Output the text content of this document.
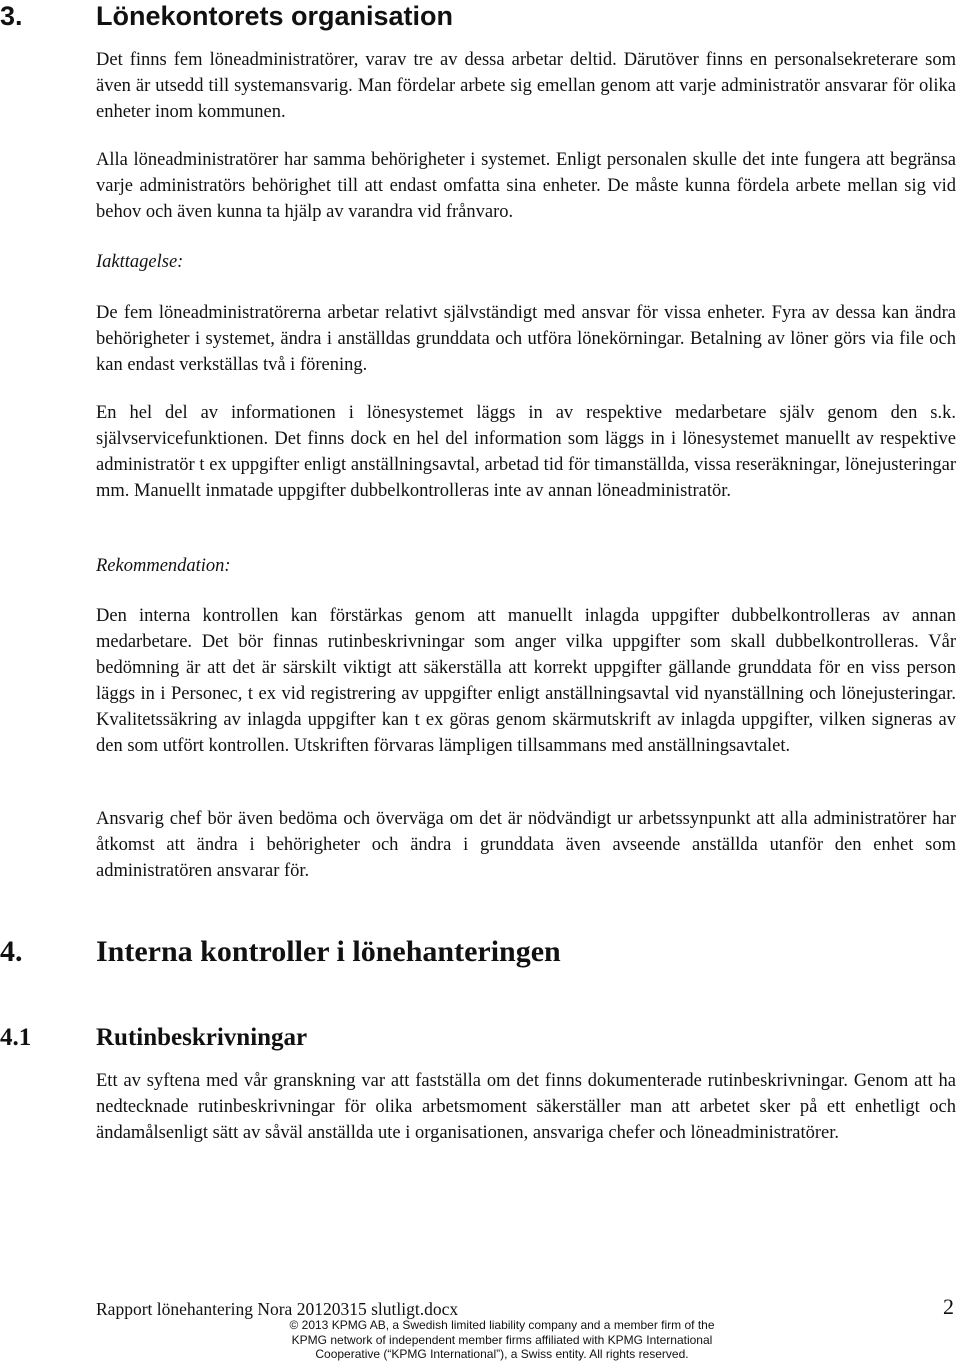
3.	Lönekontorets organisation

Det finns fem löneadministratörer, varav tre av dessa arbetar deltid. Därutöver finns en personalsekreterare som även är utsedd till systemansvarig. Man fördelar arbete sig emellan genom att varje administratör ansvarar för olika enheter inom kommunen.

Alla löneadministratörer har samma behörigheter i systemet. Enligt personalen skulle det inte fungera att begränsa varje administratörs behörighet till att endast omfatta sina enheter. De måste kunna fördela arbete mellan sig vid behov och även kunna ta hjälp av varandra vid frånvaro.

Iakttagelse:

De fem löneadministratörerna arbetar relativt självständigt med ansvar för vissa enheter. Fyra av dessa kan ändra behörigheter i systemet, ändra i anställdas grunddata och utföra lönekörningar. Betalning av löner görs via file och kan endast verkställas två i förening.

En hel del av informationen i lönesystemet läggs in av respektive medarbetare själv genom den s.k. självservicefunktionen. Det finns dock en hel del information som läggs in i lönesystemet manuellt av respektive administratör t ex uppgifter enligt anställningsavtal, arbetad tid för timanställda, vissa reseräkningar, lönejusteringar mm. Manuellt inmatade uppgifter dubbelkontrolleras inte av annan löneadministratör.

Rekommendation:

Den interna kontrollen kan förstärkas genom att manuellt inlagda uppgifter dubbelkontrolleras av annan medarbetare. Det bör finnas rutinbeskrivningar som anger vilka uppgifter som skall dubbelkontrolleras. Vår bedömning är att det är särskilt viktigt att säkerställa att korrekt uppgifter gällande grunddata för en viss person läggs in i Personec, t ex vid registrering av uppgifter enligt anställningsavtal vid nyanställning och lönejusteringar. Kvalitetssäkring av inlagda uppgifter kan t ex göras genom skärmutskrift av inlagda uppgifter, vilken signeras av den som utfört kontrollen. Utskriften förvaras lämpligen tillsammans med anställningsavtalet.

Ansvarig chef bör även bedöma och överväga om det är nödvändigt ur arbetssynpunkt att alla administratörer har åtkomst att ändra i behörigheter och ändra i grunddata även avseende anställda utanför den enhet som administratören ansvarar för.

4. Interna kontroller i lönehanteringen
4.1	Rutinbeskrivningar

Ett av syftena med vår granskning var att fastställa om det finns dokumenterade rutinbeskrivningar. Genom att ha nedtecknade rutinbeskrivningar för olika arbetsmoment säkerställer man att arbetet sker på ett enhetligt och ändamålsenligt sätt av såväl anställda ute i organisationen, ansvariga chefer och löneadministratörer.

Rapport lönehantering Nora 20120315 slutligt.docx	2
© 2013 KPMG AB, a Swedish limited liability company and a member firm of the
KPMG network of independent member firms affiliated with KPMG International
Cooperative (“KPMG International”), a Swiss entity. All rights reserved.
